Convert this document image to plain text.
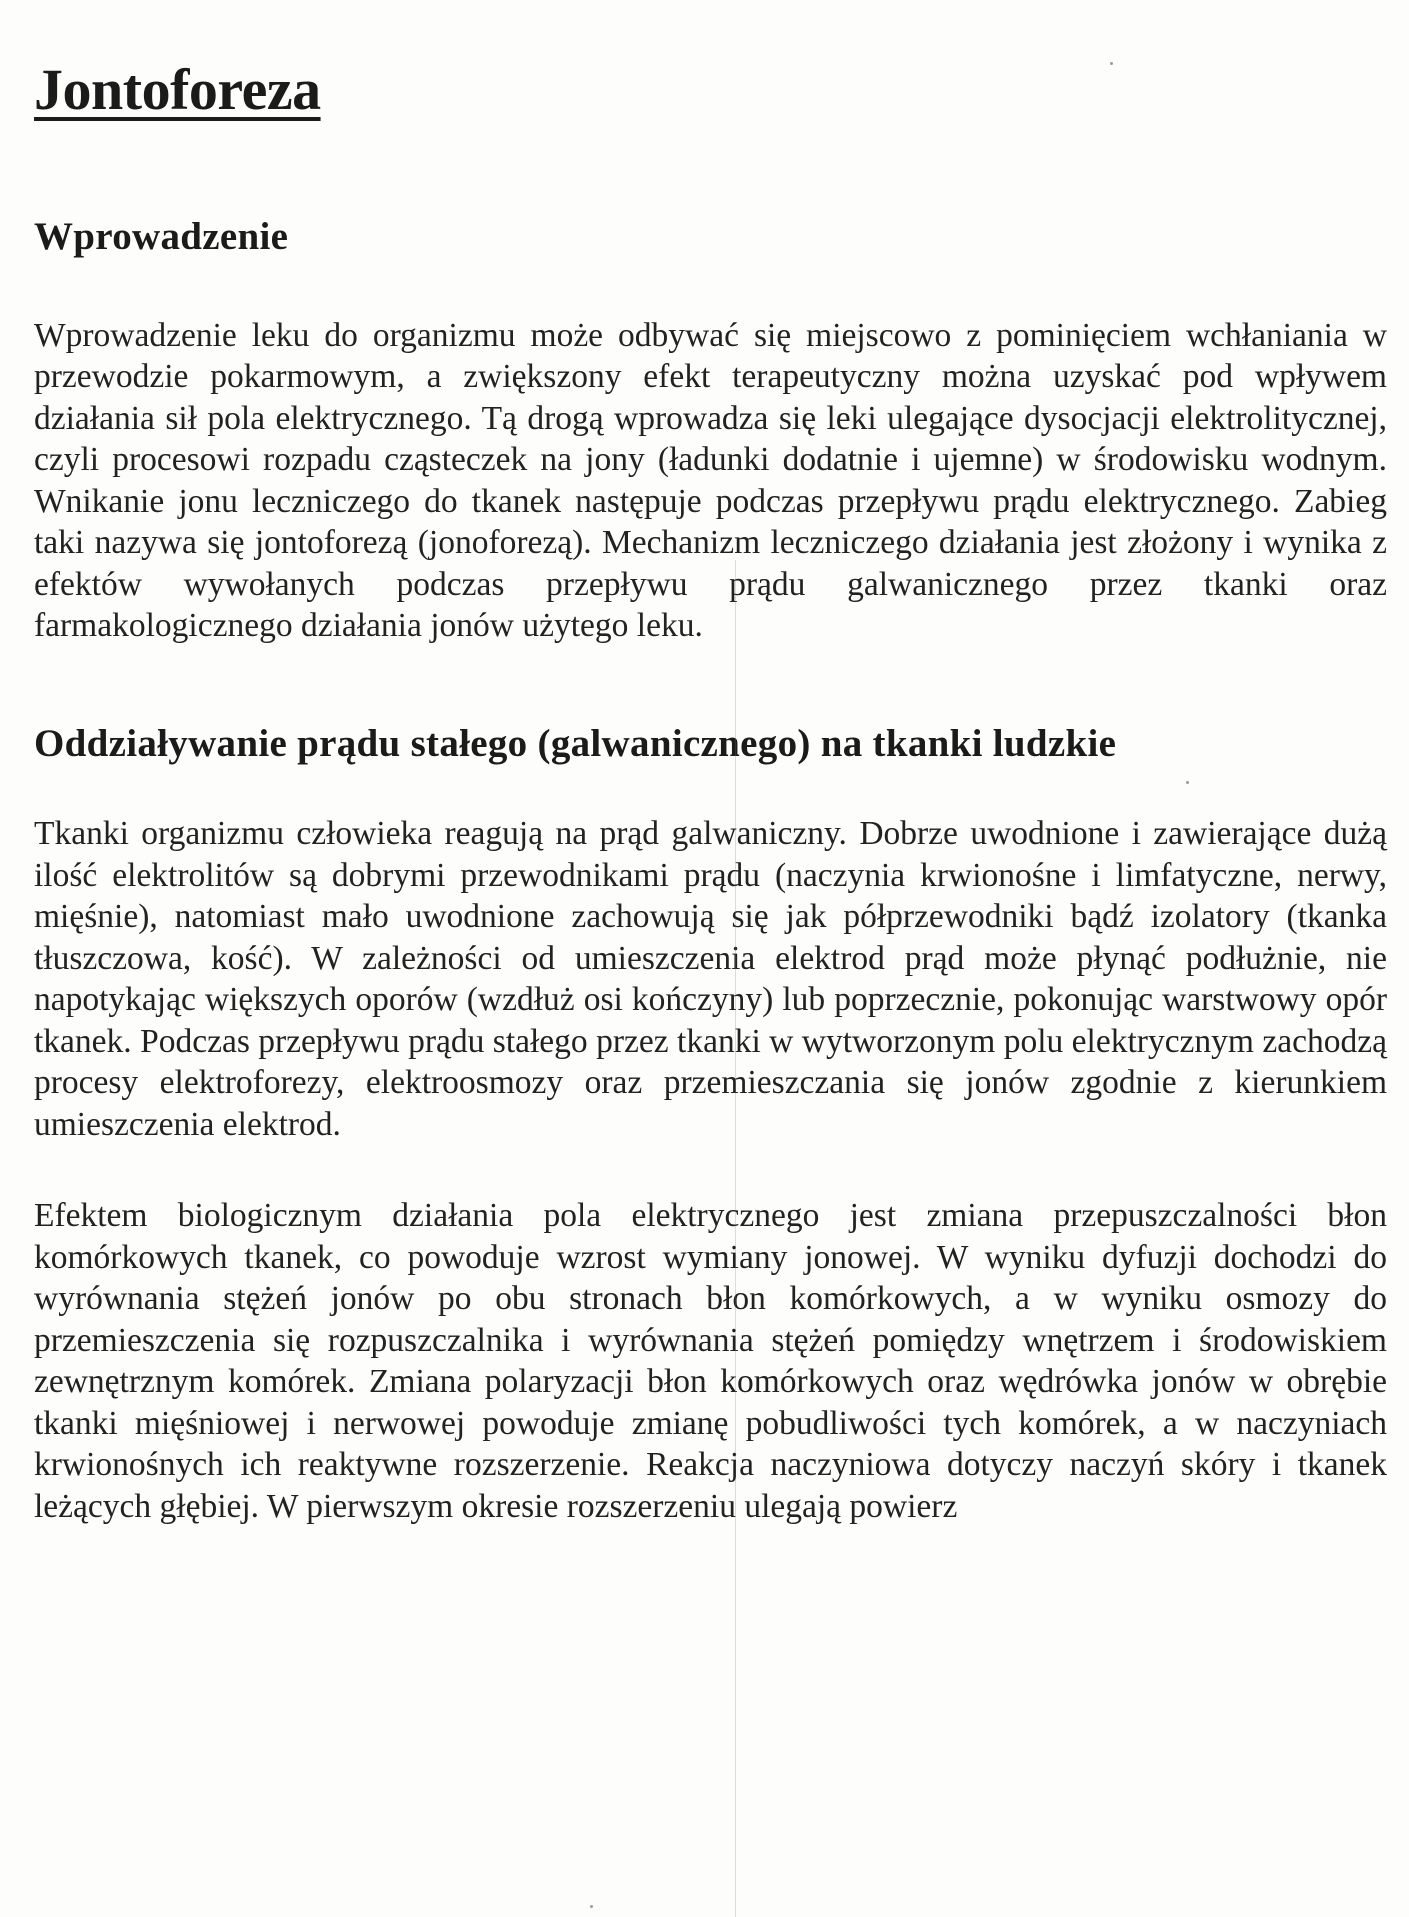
Jontoforeza
Wprowadzenie

Wprowadzenie leku do organizmu może odbywać się miejscowo z pominięciem wchłaniania w przewodzie pokarmowym, a zwiększony efekt terapeutyczny można uzyskać pod wpływem działania sił pola elektrycznego. Tą drogą wprowadza się leki ulegające dysocjacji elektrolitycznej, czyli procesowi rozpadu cząsteczek na jony (ładunki dodatnie i ujemne) w środowisku wodnym. Wnikanie jonu leczniczego do tkanek następuje podczas przepływu prądu elektrycznego. Zabieg taki nazywa się jontoforezą (jonoforezą). Mechanizm leczniczego działania jest złożony i wynika z efektów wywołanych podczas przepływu prądu galwanicznego przez tkanki oraz farmakologicznego działania jonów użytego leku.

Oddziaływanie prądu stałego (galwanicznego) na tkanki ludzkie

Tkanki organizmu człowieka reagują na prąd galwaniczny. Dobrze uwodnione i zawierające dużą ilość elektrolitów są dobrymi przewodnikami prądu (naczynia krwionośne i limfatyczne, nerwy, mięśnie), natomiast mało uwodnione zachowują się jak półprzewodniki bądź izolatory (tkanka tłuszczowa, kość). W zależności od umieszczenia elektrod prąd może płynąć podłużnie, nie napotykając większych oporów (wzdłuż osi kończyny) lub poprzecznie, pokonując warstwowy opór tkanek. Podczas przepływu prądu stałego przez tkanki w wytworzonym polu elektrycznym zachodzą procesy elektroforezy, elektroosmozy oraz przemieszczania się jonów zgodnie z kierunkiem umieszczenia elektrod.

Efektem biologicznym działania pola elektrycznego jest zmiana przepuszczalności błon komórkowych tkanek, co powoduje wzrost wymiany jonowej. W wyniku dyfuzji dochodzi do wyrównania stężeń jonów po obu stronach błon komórkowych, a w wyniku osmozy do przemieszczenia się rozpuszczalnika i wyrównania stężeń pomiędzy wnętrzem i środowiskiem zewnętrznym komórek. Zmiana polaryzacji błon komórkowych oraz wędrówka jonów w obrębie tkanki mięśniowej i nerwowej powoduje zmianę pobudliwości tych komórek, a w naczyniach krwionośnych ich reaktywne rozszerzenie. Reakcja naczyniowa dotyczy naczyń skóry i tkanek leżących głębiej. W pierwszym okresie rozszerzeniu ulegają powierz
